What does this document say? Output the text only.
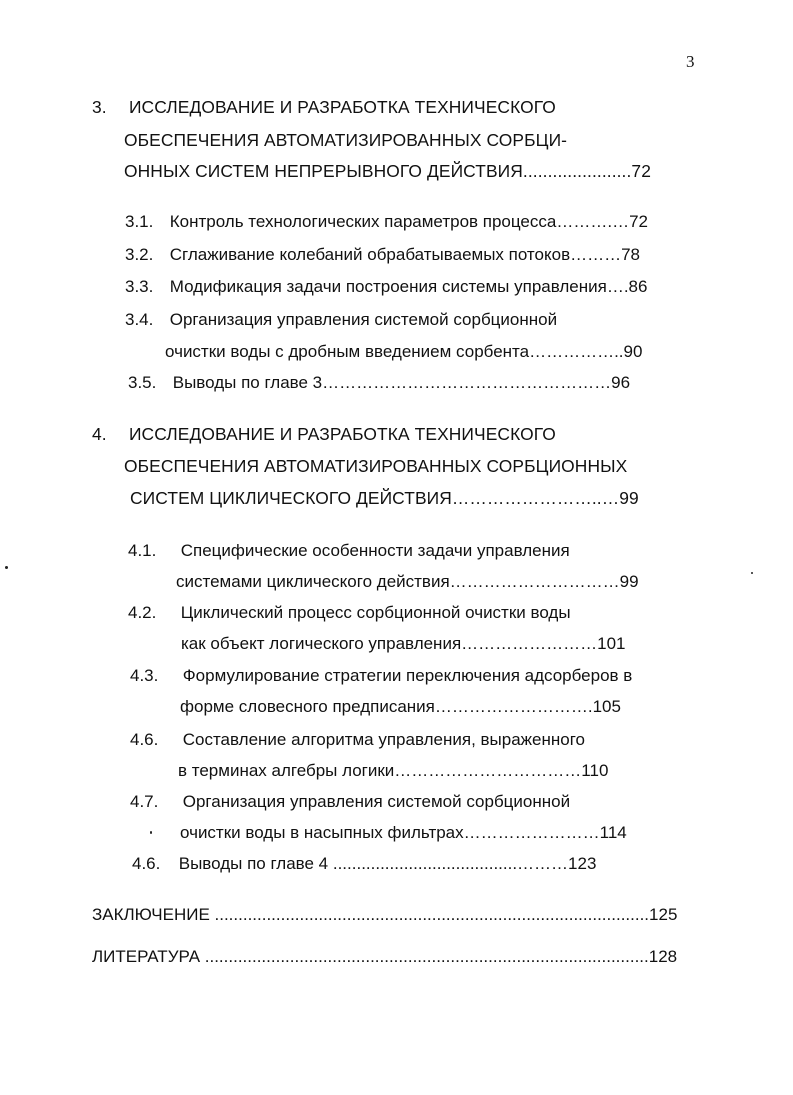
3
3. ИССЛЕДОВАНИЕ И РАЗРАБОТКА ТЕХНИЧЕСКОГО
ОБЕСПЕЧЕНИЯ АВТОМАТИЗИРОВАННЫХ СОРБЦИ-
ОННЫХ СИСТЕМ НЕПРЕРЫВНОГО ДЕЙСТВИЯ......................72
3.1. Контроль технологических параметров процесса……….…72
3.2. Сглаживание колебаний обрабатываемых потоков………78
3.3. Модификация задачи построения системы управления….86
3.4. Организация управления системой сорбционной
очистки воды с дробным введением сорбента……………..90
3.5. Выводы по главе 3……………………………………………96
4. ИССЛЕДОВАНИЕ И РАЗРАБОТКА ТЕХНИЧЕСКОГО
ОБЕСПЕЧЕНИЯ АВТОМАТИЗИРОВАННЫХ СОРБЦИОННЫХ
СИСТЕМ ЦИКЛИЧЕСКОГО ДЕЙСТВИЯ……………………..…99
4.1. Специфические особенности задачи управления
системами циклического действия…………………………99
4.2. Циклический процесс сорбционной очистки воды
как объект логического управления……………………101
4.3. Формулирование стратегии переключения адсорберов в
форме словесного предписания……………………….105
4.6. Составление алгоритма управления, выраженного
в терминах алгебры логики……………………………110
4.7. Организация управления системой сорбционной
очистки воды в насыпных фильтрах……………………114
4.6. Выводы по главе 4 .......................................………123
ЗАКЛЮЧЕНИЕ ............................................................................................125
ЛИТЕРАТУРА ..............................................................................................128
